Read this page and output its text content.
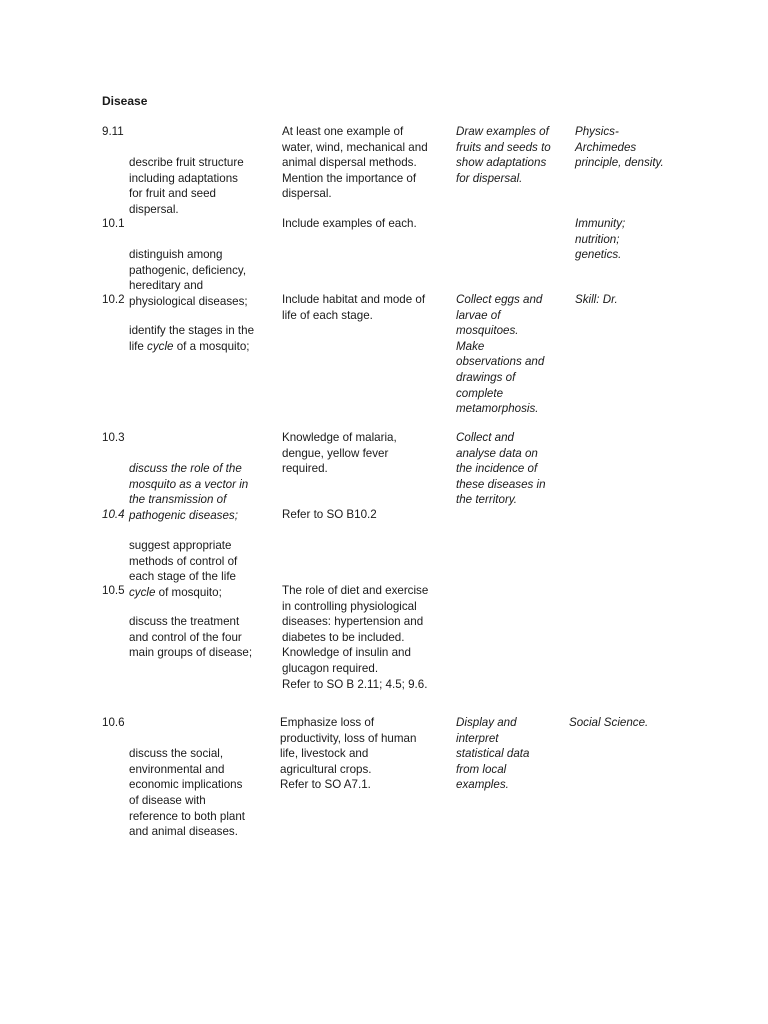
Disease

9.11

describe fruit structure
including adaptations
for fruit and seed
dispersal.

At least one example of
water, wind, mechanical and
animal dispersal methods.
Mention the importance of
dispersal.
Draw examples of
fruits and seeds to
show adaptations
for dispersal.
Physics-
Archimedes
principle, density.

10.1

distinguish among
pathogenic, deficiency,
hereditary and
physiological diseases;

Include examples of each.	Immunity;
nutrition;
genetics.

10.2

identify the stages in the
life cycle of a mosquito;

Include habitat and mode of
life of each stage.
Collect eggs and
larvae of
mosquitoes.
Make
observations and
drawings of
complete
metamorphosis.
Skill: Dr.

10.3

discuss the role of the
mosquito as a vector in
the transmission of
pathogenic diseases;

Knowledge of malaria,
dengue, yellow fever
required.
Collect and
analyse data on
the incidence of
these diseases in
the territory.

10.4

suggest appropriate
methods of control of
each stage of the life
cycle of mosquito;

Refer to SO B10.2

10.5

discuss the treatment
and control of the four
main groups of disease;

The role of diet and exercise
in controlling physiological
diseases: hypertension and
diabetes to be included.
Knowledge of insulin and
glucagon required.
Refer to SO B 2.11; 4.5; 9.6.

10.6

discuss the social,
environmental and
economic implications
of disease with
reference to both plant
and animal diseases.

Emphasize loss of
productivity, loss of human
life, livestock and
agricultural crops.
Refer to SO A7.1.
Display and
interpret
statistical data
from local
examples.
Social Science.
